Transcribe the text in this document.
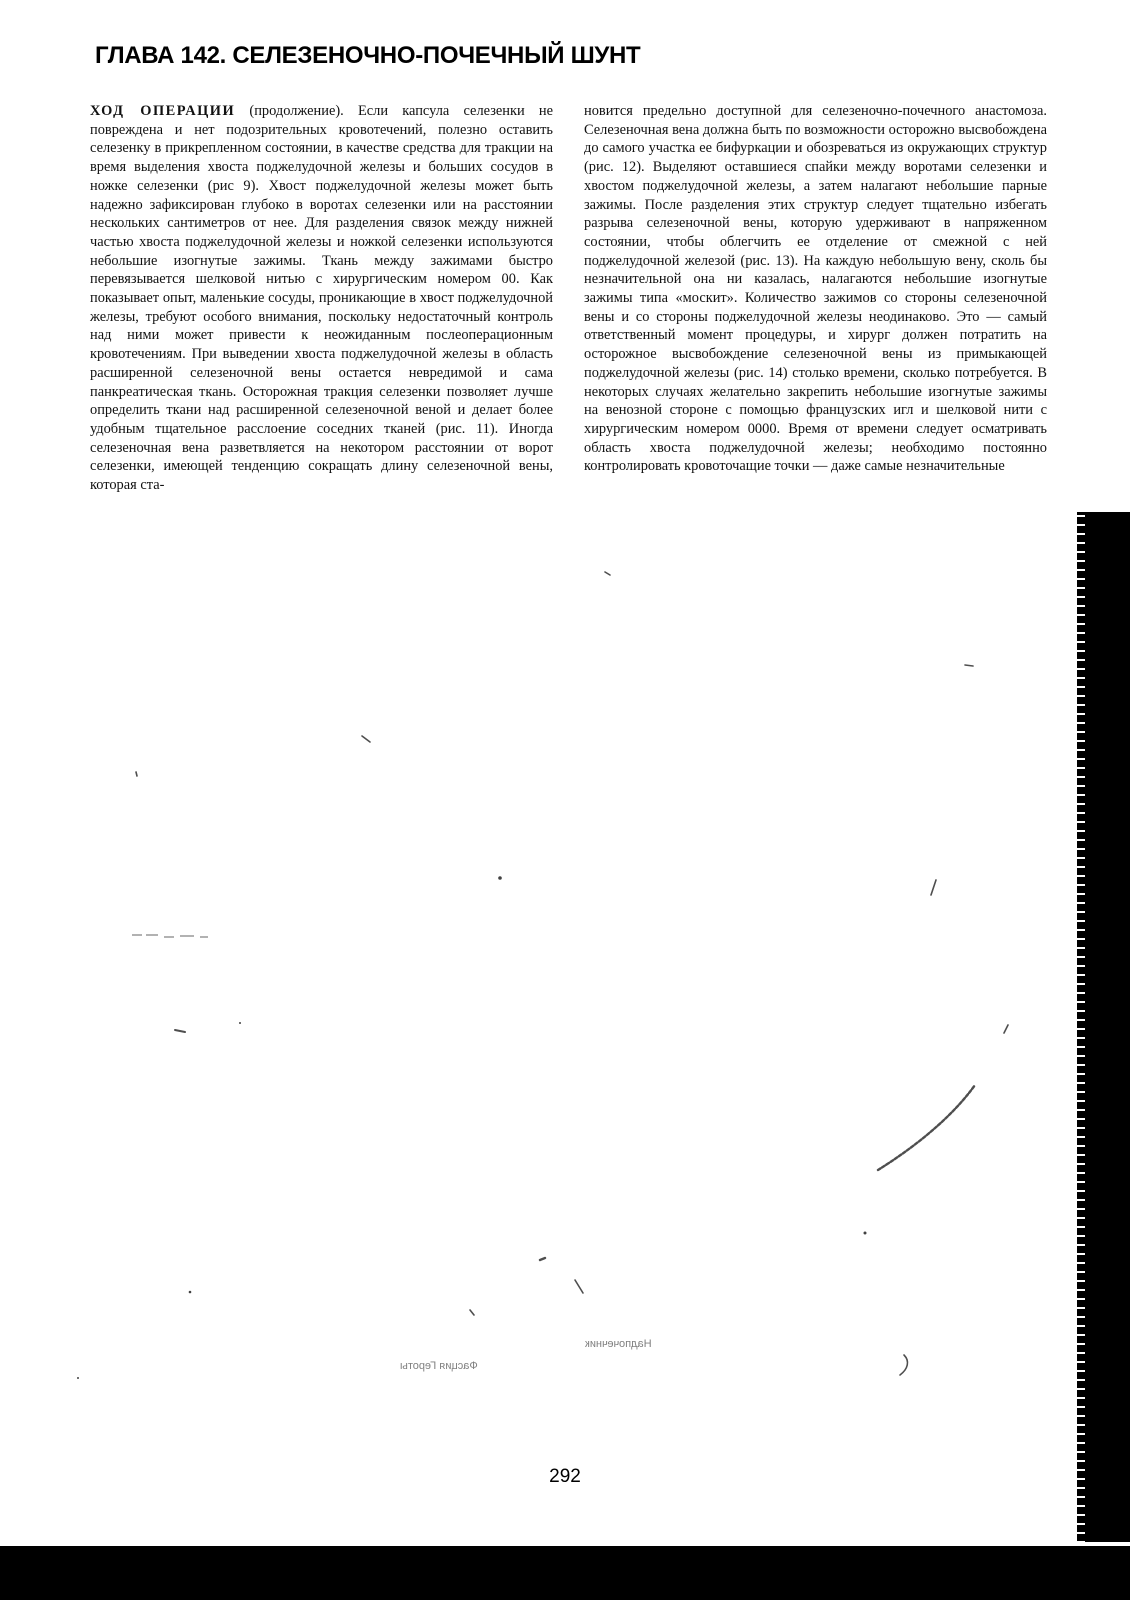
ГЛАВА 142. СЕЛЕЗЕНОЧНО-ПОЧЕЧНЫЙ ШУНТ

ХОД ОПЕРАЦИИ (продолжение). Если капсула селезенки не повреждена и нет подозрительных кровотечений, полезно оставить селезенку в прикрепленном состоянии, в качестве средства для тракции на время выделения хвоста поджелудочной железы и больших сосудов в ножке селезенки (рис 9). Хвост поджелудочной железы может быть надежно зафиксирован глубоко в воротах селезенки или на расстоянии нескольких сантиметров от нее. Для разделения связок между нижней частью хвоста поджелудочной железы и ножкой селезенки используются небольшие изогнутые зажимы. Ткань между зажимами быстро перевязывается шелковой нитью с хирургическим номером 00. Как показывает опыт, маленькие сосуды, проникающие в хвост поджелудочной железы, требуют особого внимания, поскольку недостаточный контроль над ними может привести к неожиданным послеоперационным кровотечениям. При выведении хвоста поджелудочной железы в область расширенной селезеночной вены остается невредимой и сама панкреатическая ткань. Осторожная тракция селезенки позволяет лучше определить ткани над расширенной селезеночной веной и делает более удобным тщательное расслоение соседних тканей (рис. 11). Иногда селезеночная вена разветвляется на некотором расстоянии от ворот селезенки, имеющей тенденцию сокращать длину селезеночной вены, которая ста-

новится предельно доступной для селезеночно-почечного анастомоза. Селезеночная вена должна быть по возможности осторожно высвобождена до самого участка ее бифуркации и обозреваться из окружающих структур (рис. 12). Выделяют оставшиеся спайки между воротами селезенки и хвостом поджелудочной железы, а затем налагают небольшие парные зажимы. После разделения этих структур следует тщательно избегать разрыва селезеночной вены, которую удерживают в напряженном состоянии, чтобы облегчить ее отделение от смежной с ней поджелудочной железой (рис. 13). На каждую небольшую вену, сколь бы незначительной она ни казалась, налагаются небольшие изогнутые зажимы типа «москит». Количество зажимов со стороны селезеночной вены и со стороны поджелудочной железы неодинаково. Это — самый ответственный момент процедуры, и хирург должен потратить на осторожное высвобождение селезеночной вены из примыкающей поджелудочной железы (рис. 14) столько времени, сколько потребуется. В некоторых случаях желательно закрепить небольшие изогнутые зажимы на венозной стороне с помощью французских игл и шелковой нити с хирургическим номером 0000. Время от времени следует осматривать область хвоста поджелудочной железы; необходимо постоянно контролировать кровоточащие точки — даже самые незначительные

Фасция Героты
Надпочечник
292
